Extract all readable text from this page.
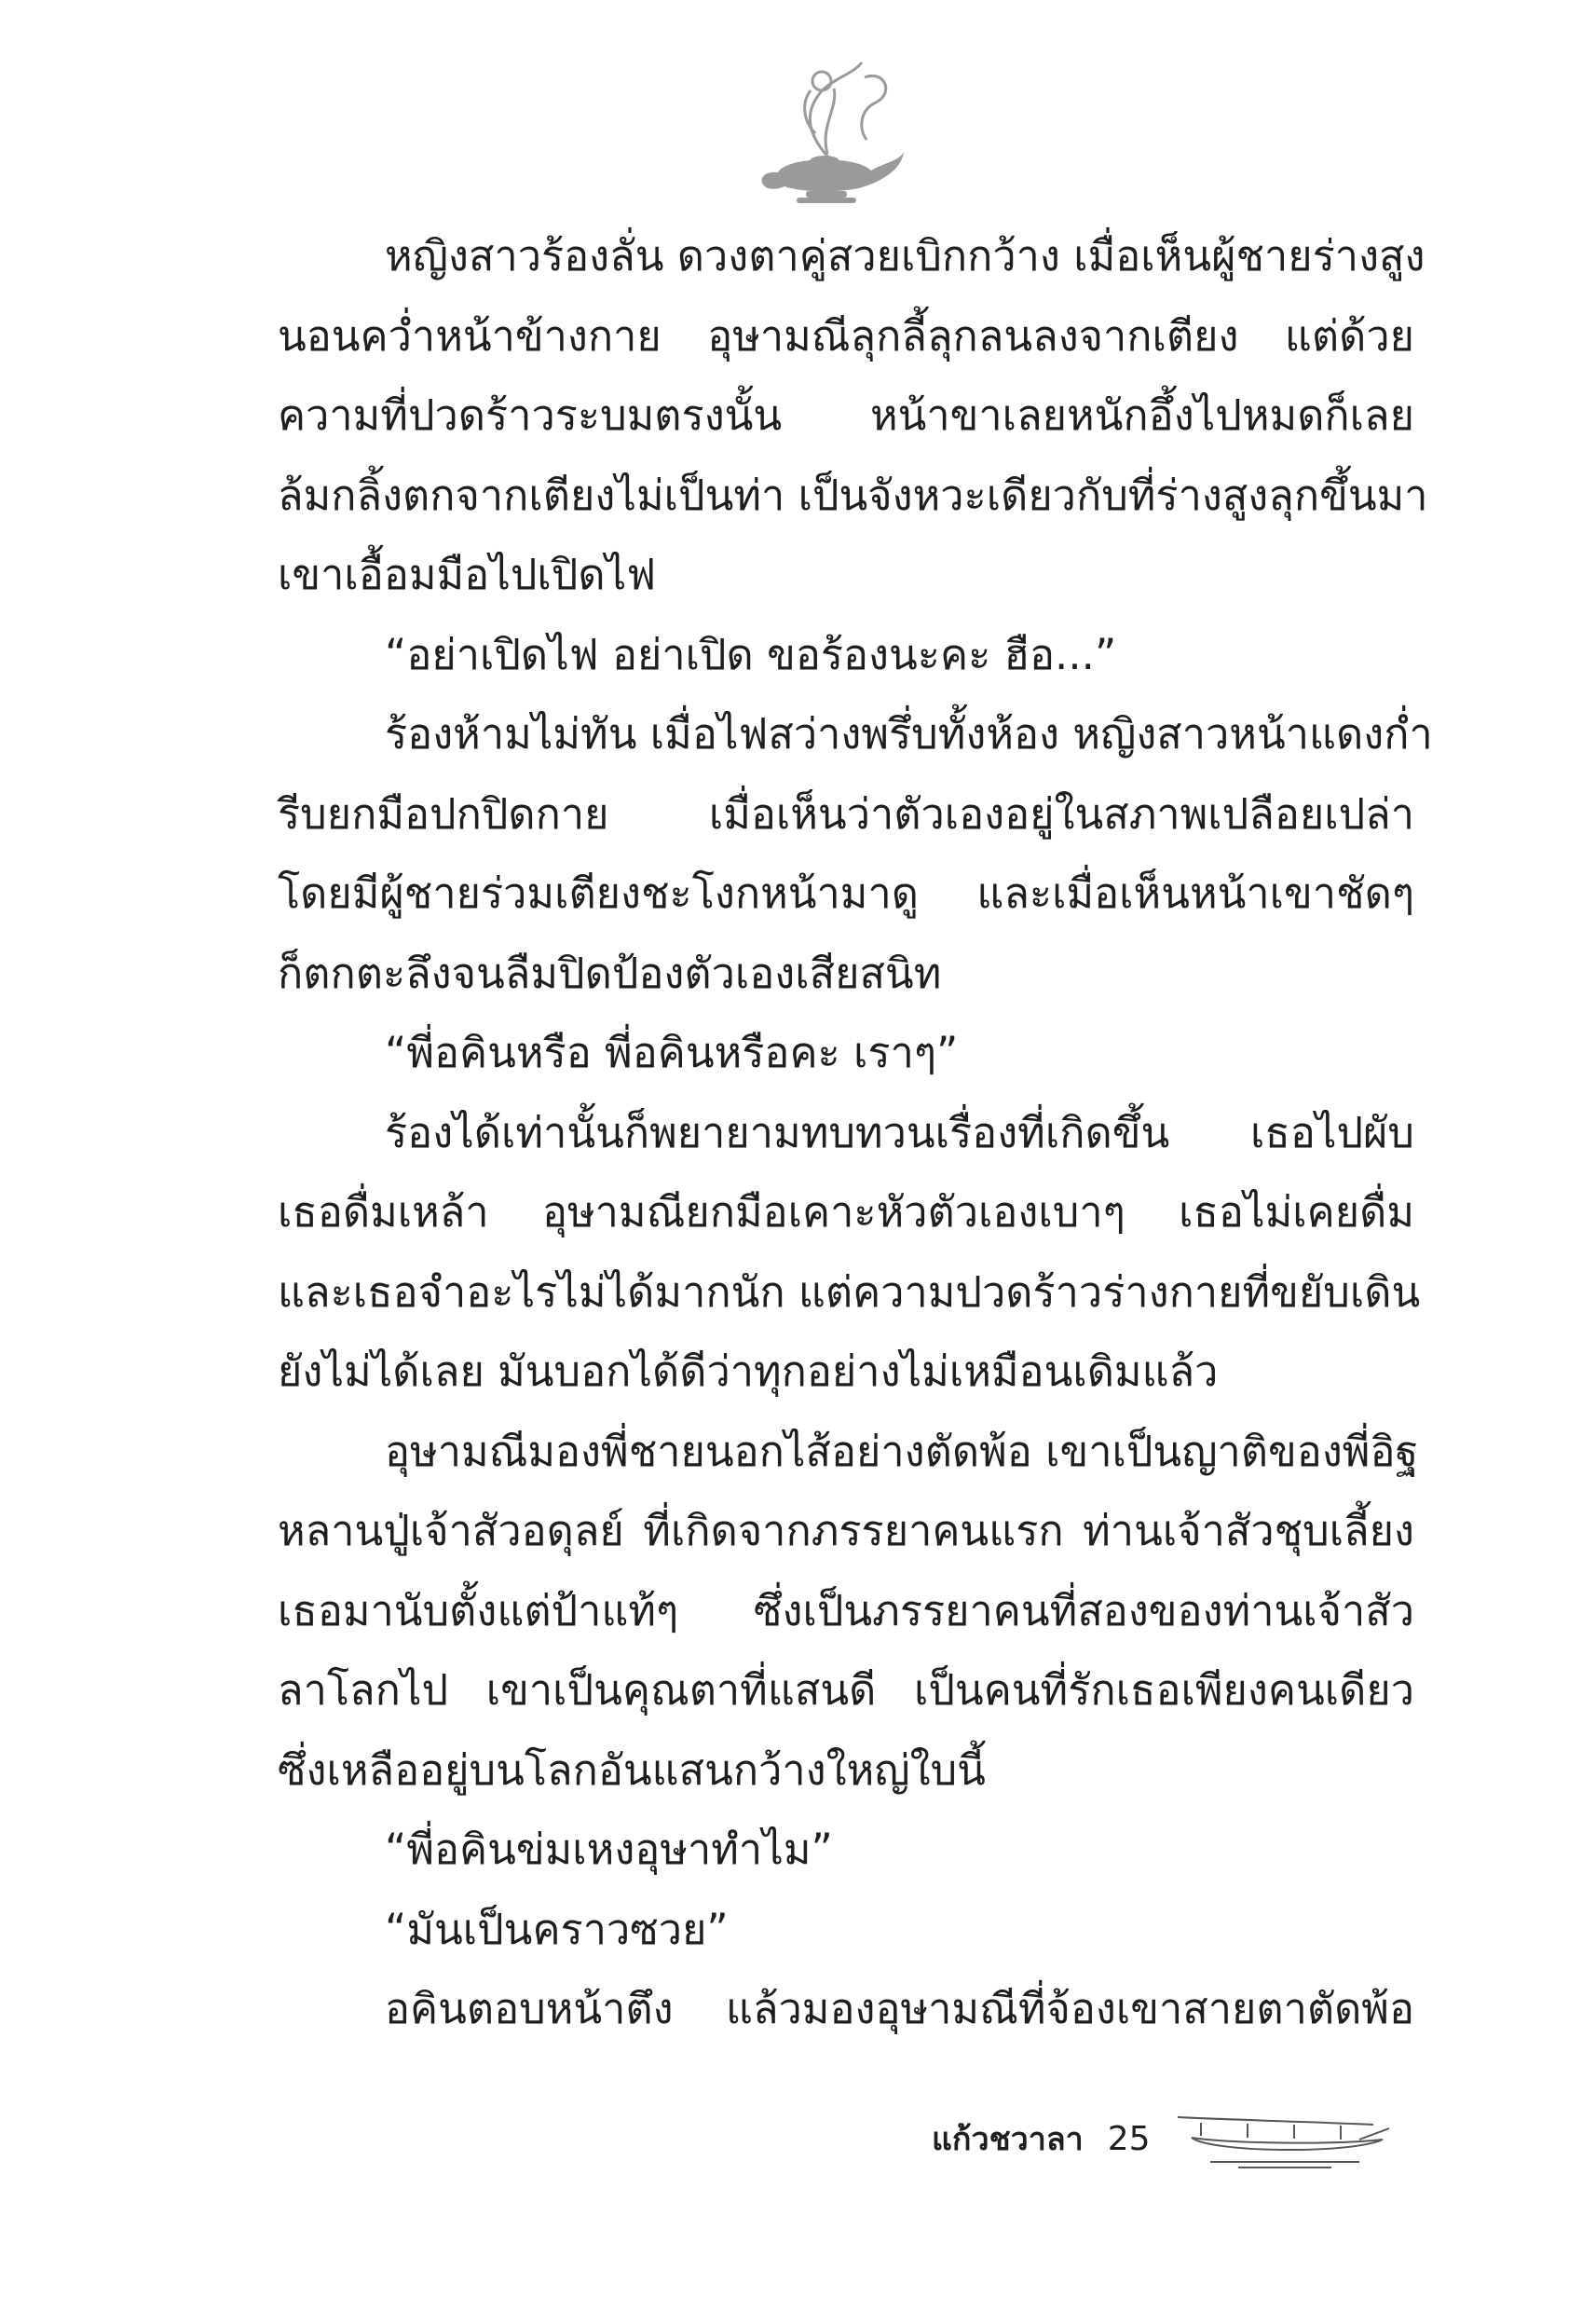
หญิงสาวร้องลั่น ดวงตาคู่สวยเบิกกว้าง เมื่อเห็นผู้ชายร่างสูง
นอนคว่ำหน้าข้างกาย อุษามณีลุกลี้ลุกลนลงจากเตียง แต่ด้วย
ความที่ปวดร้าวระบมตรงนั้น หน้าขาเลยหนักอึ้งไปหมดก็เลย
ล้มกลิ้งตกจากเตียงไม่เป็นท่า เป็นจังหวะเดียวกับที่ร่างสูงลุกขึ้นมา
เขาเอื้อมมือไปเปิดไฟ
“อย่าเปิดไฟ อย่าเปิด ขอร้องนะคะ ฮือ...”
ร้องห้ามไม่ทัน เมื่อไฟสว่างพรึ่บทั้งห้อง หญิงสาวหน้าแดงก่ำ
รีบยกมือปกปิดกาย เมื่อเห็นว่าตัวเองอยู่ในสภาพเปลือยเปล่า
โดยมีผู้ชายร่วมเตียงชะโงกหน้ามาดู และเมื่อเห็นหน้าเขาชัดๆ
ก็ตกตะลึงจนลืมปิดป้องตัวเองเสียสนิท
“พี่อคินหรือ พี่อคินหรือคะ เราๆ”
ร้องได้เท่านั้นก็พยายามทบทวนเรื่องที่เกิดขึ้น เธอไปผับ
เธอดื่มเหล้า อุษามณียกมือเคาะหัวตัวเองเบาๆ เธอไม่เคยดื่ม
และเธอจำอะไรไม่ได้มากนัก แต่ความปวดร้าวร่างกายที่ขยับเดิน
ยังไม่ได้เลย มันบอกได้ดีว่าทุกอย่างไม่เหมือนเดิมแล้ว
อุษามณีมองพี่ชายนอกไส้อย่างตัดพ้อ เขาเป็นญาติของพี่อิฐ
หลานปู่เจ้าสัวอดุลย์ ที่เกิดจากภรรยาคนแรก ท่านเจ้าสัวชุบเลี้ยง
เธอมานับตั้งแต่ป้าแท้ๆ ซึ่งเป็นภรรยาคนที่สองของท่านเจ้าสัว
ลาโลกไป เขาเป็นคุณตาที่แสนดี เป็นคนที่รักเธอเพียงคนเดียว
ซึ่งเหลืออยู่บนโลกอันแสนกว้างใหญ่ใบนี้
“พี่อคินข่มเหงอุษาทำไม”
“มันเป็นคราวซวย”
อคินตอบหน้าตึง แล้วมองอุษามณีที่จ้องเขาสายตาตัดพ้อ
แก้วชวาลา 25
